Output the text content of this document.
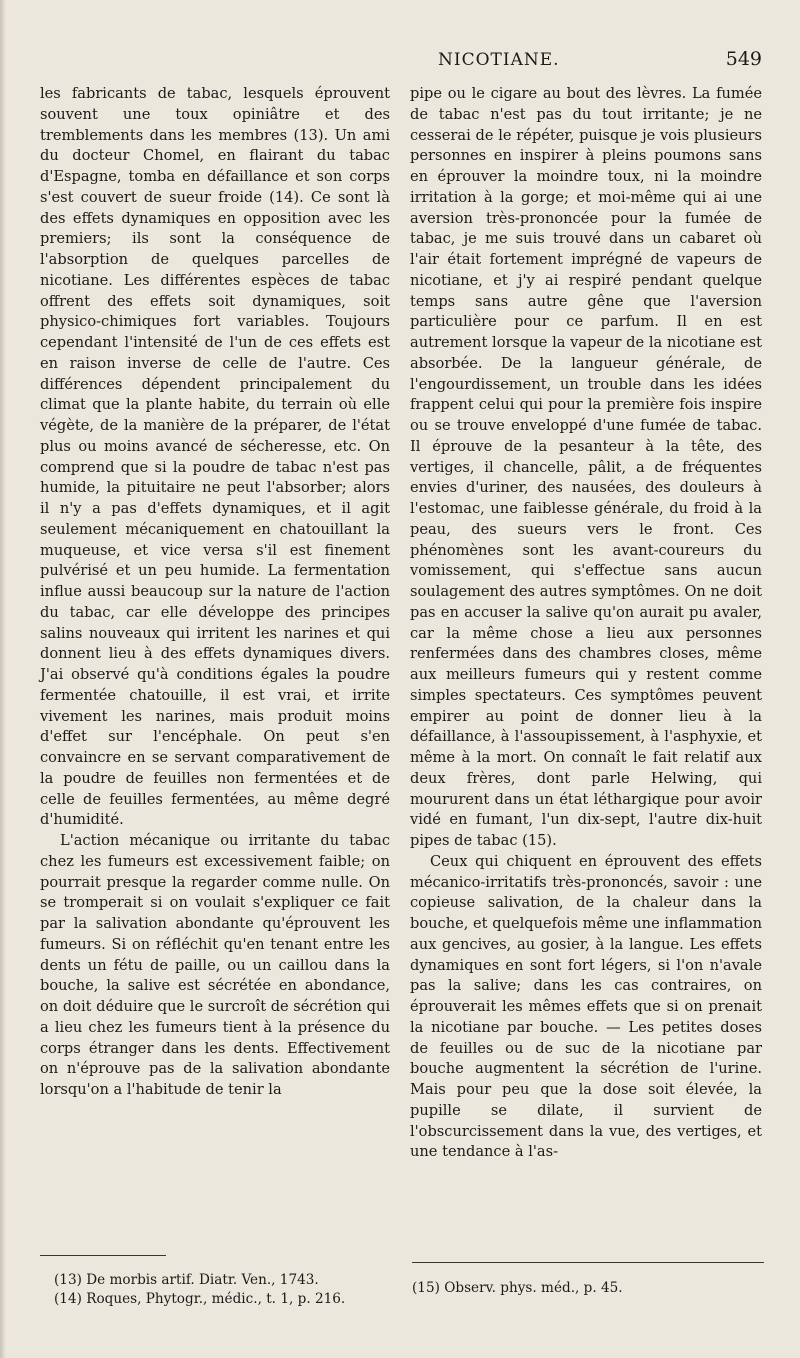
NICOTIANE.	549

les fabricants de tabac, lesquels éprouvent souvent une toux opiniâtre et des tremblements dans les membres (13). Un ami du docteur Chomel, en flairant du tabac d'Espagne, tomba en défaillance et son corps s'est couvert de sueur froide (14). Ce sont là des effets dynamiques en opposition avec les premiers; ils sont la conséquence de l'absorption de quelques parcelles de nicotiane. Les différentes espèces de tabac offrent des effets soit dynamiques, soit physico-chimiques fort variables. Toujours cependant l'intensité de l'un de ces effets est en raison inverse de celle de l'autre. Ces différences dépendent principalement du climat que la plante habite, du terrain où elle végète, de la manière de la préparer, de l'état plus ou moins avancé de sécheresse, etc. On comprend que si la poudre de tabac n'est pas humide, la pituitaire ne peut l'absorber; alors il n'y a pas d'effets dynamiques, et il agit seulement mécaniquement en chatouillant la muqueuse, et vice versa s'il est finement pulvérisé et un peu humide. La fermentation influe aussi beaucoup sur la nature de l'action du tabac, car elle développe des principes salins nouveaux qui irritent les narines et qui donnent lieu à des effets dynamiques divers. J'ai observé qu'à conditions égales la poudre fermentée chatouille, il est vrai, et irrite vivement les narines, mais produit moins d'effet sur l'encéphale. On peut s'en convaincre en se servant comparativement de la poudre de feuilles non fermentées et de celle de feuilles fermentées, au même degré d'humidité.

L'action mécanique ou irritante du tabac chez les fumeurs est excessivement faible; on pourrait presque la regarder comme nulle. On se tromperait si on voulait s'expliquer ce fait par la salivation abondante qu'éprouvent les fumeurs. Si on réfléchit qu'en tenant entre les dents un fétu de paille, ou un caillou dans la bouche, la salive est sécrétée en abondance, on doit déduire que le surcroît de sécrétion qui a lieu chez les fumeurs tient à la présence du corps étranger dans les dents. Effectivement on n'éprouve pas de la salivation abondante lorsqu'on a l'habitude de tenir la

(13) De morbis artif. Diatr. Ven., 1743.

(14) Roques, Phytogr., médic., t. 1, p. 216.

pipe ou le cigare au bout des lèvres. La fumée de tabac n'est pas du tout irritante; je ne cesserai de le répéter, puisque je vois plusieurs personnes en inspirer à pleins poumons sans en éprouver la moindre toux, ni la moindre irritation à la gorge; et moi-même qui ai une aversion très-prononcée pour la fumée de tabac, je me suis trouvé dans un cabaret où l'air était fortement imprégné de vapeurs de nicotiane, et j'y ai respiré pendant quelque temps sans autre gêne que l'aversion particulière pour ce parfum. Il en est autrement lorsque la vapeur de la nicotiane est absorbée. De la langueur générale, de l'engourdissement, un trouble dans les idées frappent celui qui pour la première fois inspire ou se trouve enveloppé d'une fumée de tabac. Il éprouve de la pesanteur à la tête, des vertiges, il chancelle, pâlit, a de fréquentes envies d'uriner, des nausées, des douleurs à l'estomac, une faiblesse générale, du froid à la peau, des sueurs vers le front. Ces phénomènes sont les avant-coureurs du vomissement, qui s'effectue sans aucun soulagement des autres symptômes. On ne doit pas en accuser la salive qu'on aurait pu avaler, car la même chose a lieu aux personnes renfermées dans des chambres closes, même aux meilleurs fumeurs qui y restent comme simples spectateurs. Ces symptômes peuvent empirer au point de donner lieu à la défaillance, à l'assoupissement, à l'asphyxie, et même à la mort. On connaît le fait relatif aux deux frères, dont parle Helwing, qui moururent dans un état léthargique pour avoir vidé en fumant, l'un dix-sept, l'autre dix-huit pipes de tabac (15).

Ceux qui chiquent en éprouvent des effets mécanico-irritatifs très-prononcés, savoir : une copieuse salivation, de la chaleur dans la bouche, et quelquefois même une inflammation aux gencives, au gosier, à la langue. Les effets dynamiques en sont fort légers, si l'on n'avale pas la salive; dans les cas contraires, on éprouverait les mêmes effets que si on prenait la nicotiane par bouche. — Les petites doses de feuilles ou de suc de la nicotiane par bouche augmentent la sécrétion de l'urine. Mais pour peu que la dose soit élevée, la pupille se dilate, il survient de l'obscurcissement dans la vue, des vertiges, et une tendance à l'as-

(15) Observ. phys. méd., p. 45.
